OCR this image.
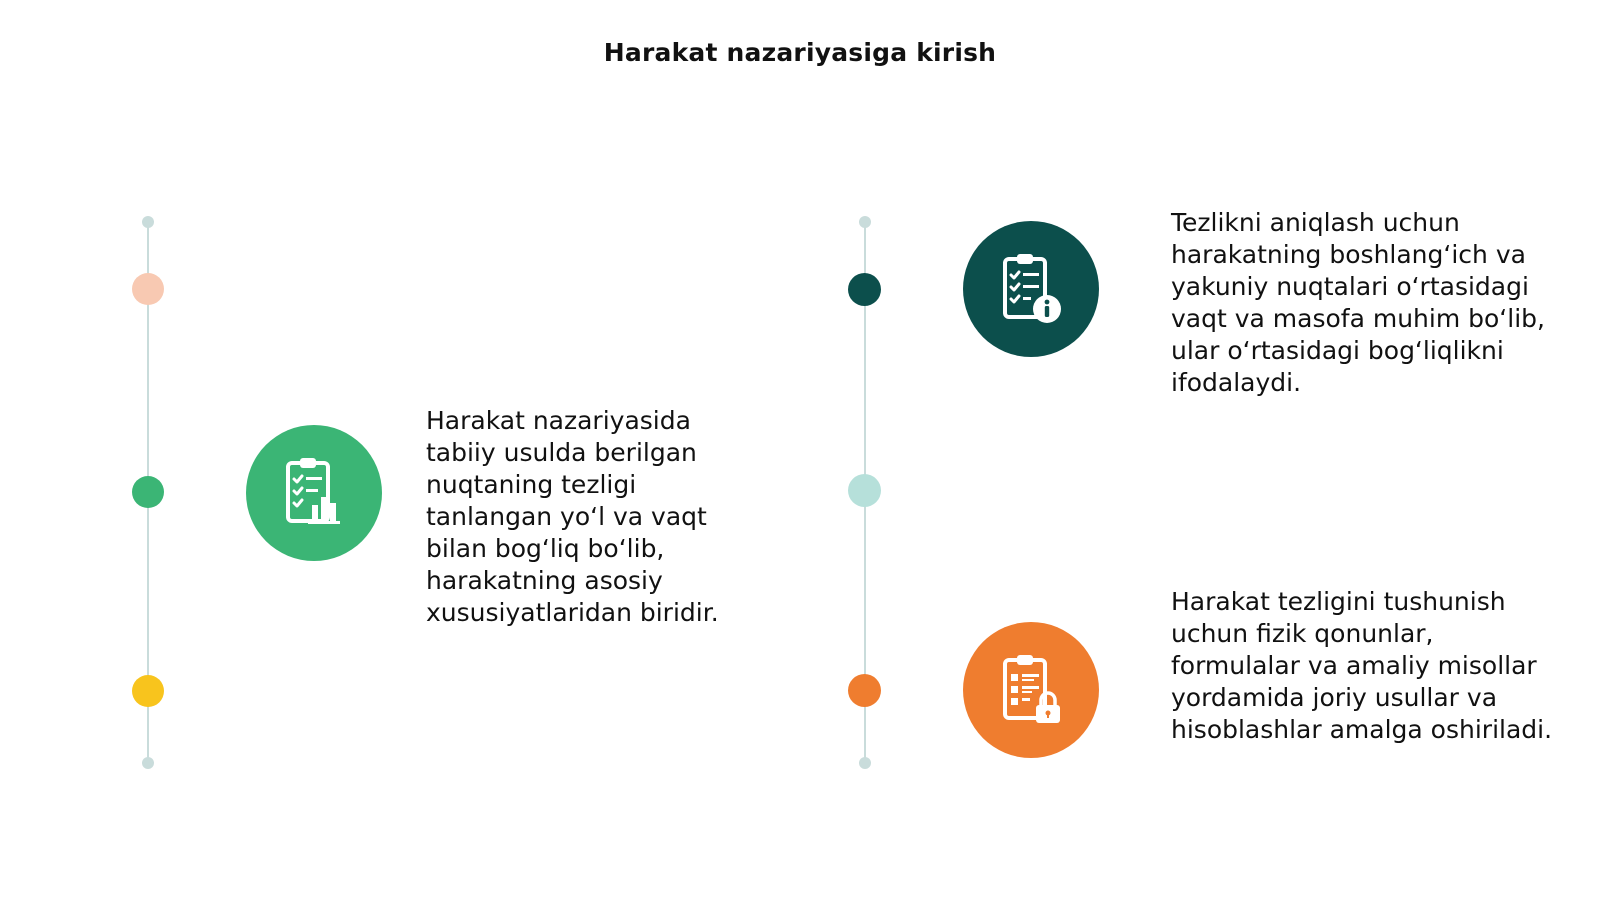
Harakat nazariyasiga kirish

Harakat nazariyasida tabiiy usulda berilgan nuqtaning tezligi tanlangan yo‘l va vaqt bilan bog‘liq bo‘lib, harakatning asosiy xususiyatlaridan biridir.

Tezlikni aniqlash uchun harakatning boshlang‘ich va yakuniy nuqtalari o‘rtasidagi vaqt va masofa muhim bo‘lib, ular o‘rtasidagi bog‘liqlikni ifodalaydi.

Harakat tezligini tushunish uchun fizik qonunlar, formulalar va amaliy misollar yordamida joriy usullar va hisoblashlar amalga oshiriladi.
